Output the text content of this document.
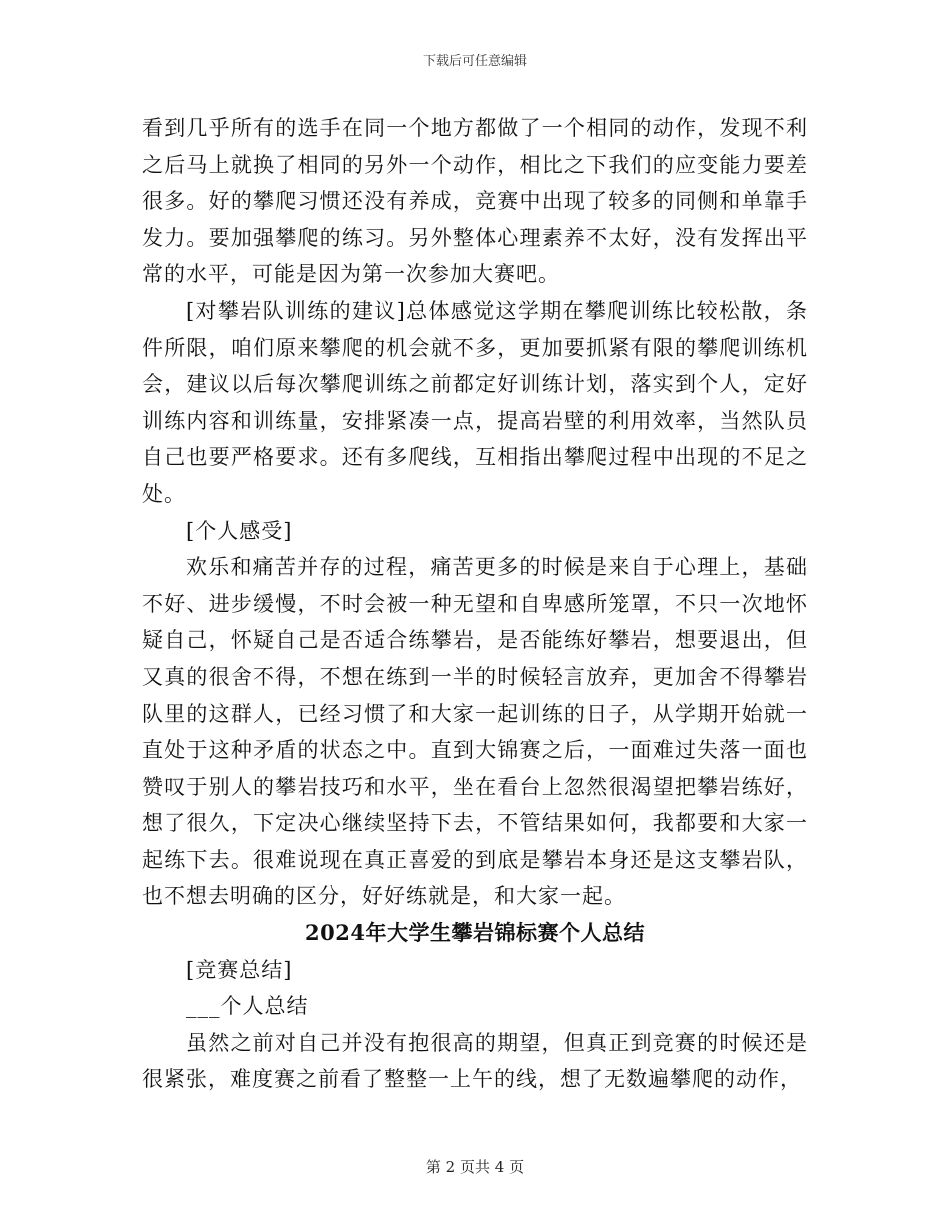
下载后可任意编辑

看到几乎所有的选手在同一个地方都做了一个相同的动作，发现不利之后马上就换了相同的另外一个动作，相比之下我们的应变能力要差很多。好的攀爬习惯还没有养成，竞赛中出现了较多的同侧和单靠手发力。要加强攀爬的练习。另外整体心理素养不太好，没有发挥出平常的水平，可能是因为第一次参加大赛吧。

[对攀岩队训练的建议]总体感觉这学期在攀爬训练比较松散，条件所限，咱们原来攀爬的机会就不多，更加要抓紧有限的攀爬训练机会，建议以后每次攀爬训练之前都定好训练计划，落实到个人，定好训练内容和训练量，安排紧凑一点，提高岩壁的利用效率，当然队员自己也要严格要求。还有多爬线，互相指出攀爬过程中出现的不足之处。

[个人感受]

欢乐和痛苦并存的过程，痛苦更多的时候是来自于心理上，基础不好、进步缓慢，不时会被一种无望和自卑感所笼罩，不只一次地怀疑自己，怀疑自己是否适合练攀岩，是否能练好攀岩，想要退出，但又真的很舍不得，不想在练到一半的时候轻言放弃，更加舍不得攀岩队里的这群人，已经习惯了和大家一起训练的日子，从学期开始就一直处于这种矛盾的状态之中。直到大锦赛之后，一面难过失落一面也赞叹于别人的攀岩技巧和水平，坐在看台上忽然很渴望把攀岩练好，想了很久，下定决心继续坚持下去，不管结果如何，我都要和大家一起练下去。很难说现在真正喜爱的到底是攀岩本身还是这支攀岩队，也不想去明确的区分，好好练就是，和大家一起。

2024年大学生攀岩锦标赛个人总结

[竞赛总结]

___个人总结

虽然之前对自己并没有抱很高的期望，但真正到竞赛的时候还是很紧张，难度赛之前看了整整一上午的线，想了无数遍攀爬的动作，

第 2 页共 4 页
